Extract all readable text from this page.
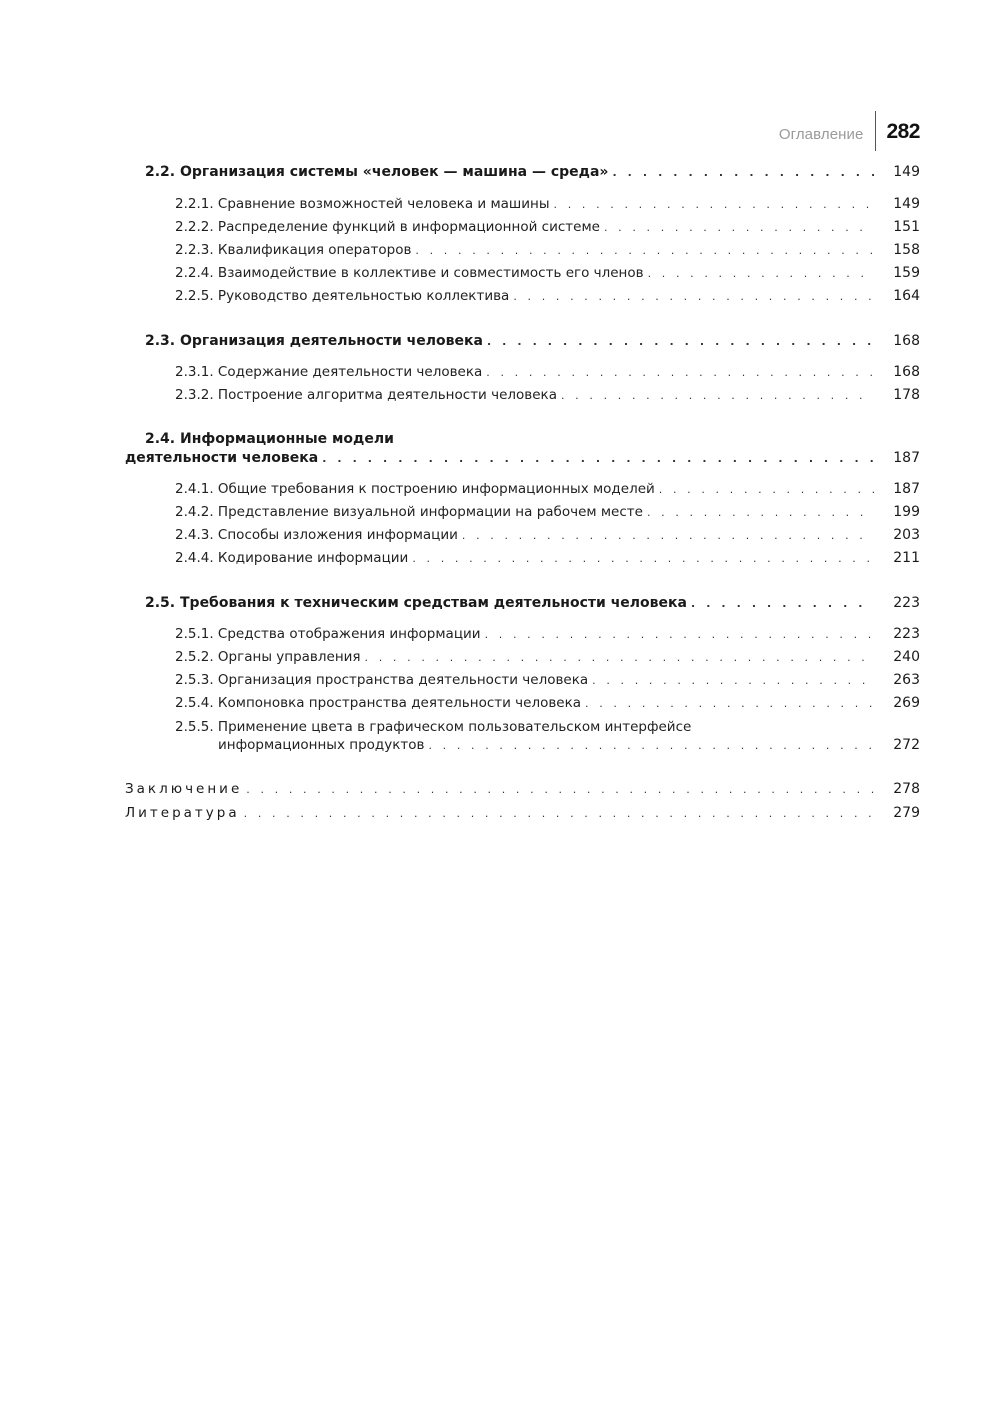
Оглавление 282
2.2. Организация системы «человек — машина — среда» . . .	149
2.2.1. Сравнение возможностей человека и машины . . .	149
2.2.2. Распределение функций в информационной системе . . .	151
2.2.3. Квалификация операторов . . .	158
2.2.4. Взаимодействие в коллективе и совместимость его членов . . .	159
2.2.5. Руководство деятельностью коллектива . . .	164
2.3. Организация деятельности человека . . .	168
2.3.1. Содержание деятельности человека . . .	168
2.3.2. Построение алгоритма деятельности человека . . .	178
2.4. Информационные модели
деятельности человека . . .	187
2.4.1. Общие требования к построению информационных моделей . . .	187
2.4.2. Представление визуальной информации на рабочем месте . . .	199
2.4.3. Способы изложения информации . . .	203
2.4.4. Кодирование информации . . .	211
2.5. Требования к техническим средствам деятельности человека . . .	223
2.5.1. Средства отображения информации . . .	223
2.5.2. Органы управления . . .	240
2.5.3. Организация пространства деятельности человека . . .	263
2.5.4. Компоновка пространства деятельности человека . . .	269
2.5.5. Применение цвета в графическом пользовательском интерфейсе
информационных продуктов . . .	272
Заключение . . .	278
Литература . . .	279
